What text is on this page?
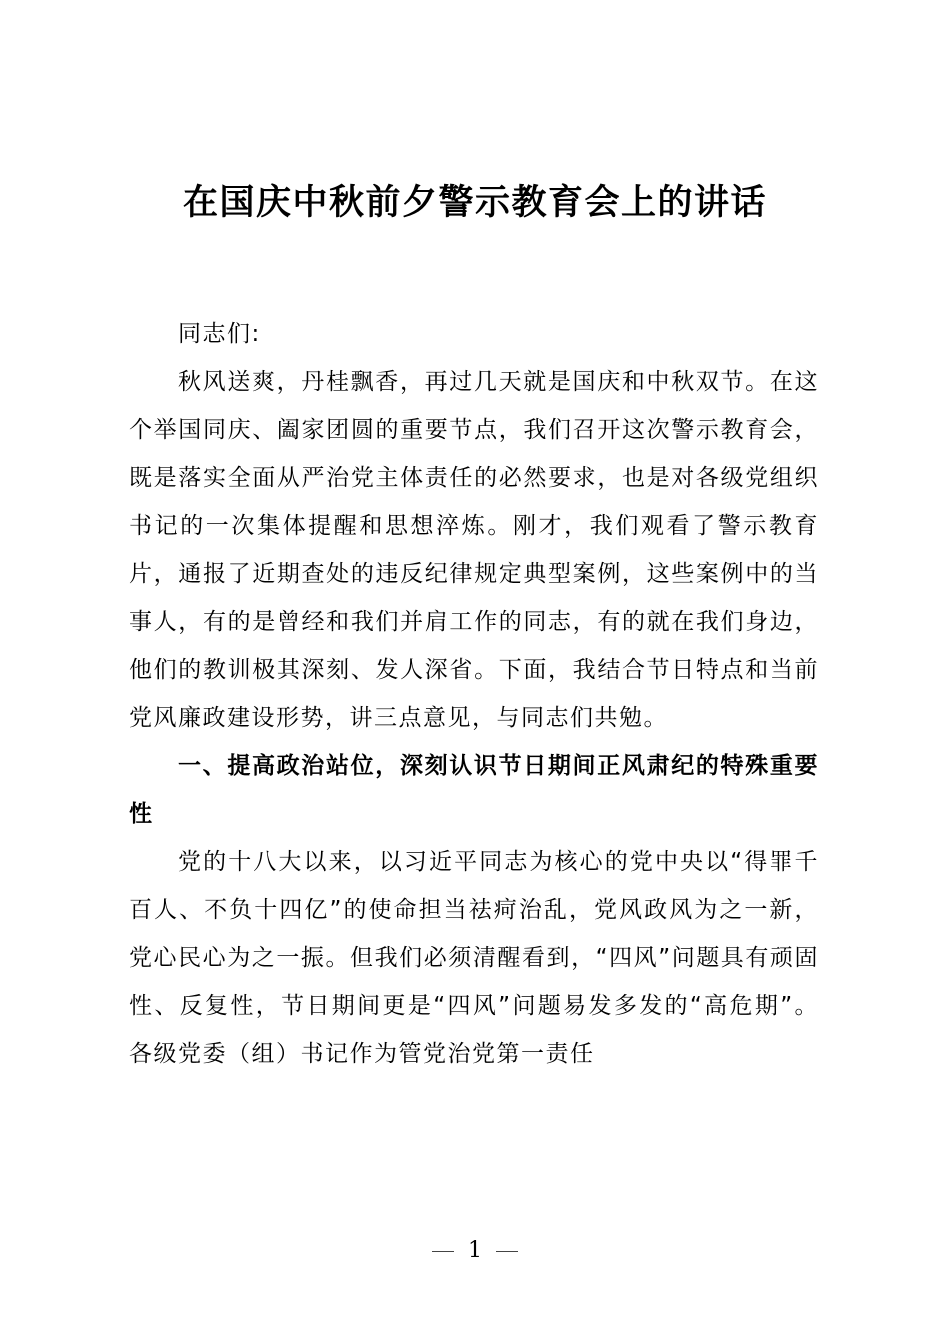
在国庆中秋前夕警示教育会上的讲话

同志们:

秋风送爽，丹桂飘香，再过几天就是国庆和中秋双节。在这个举国同庆、阖家团圆的重要节点，我们召开这次警示教育会，既是落实全面从严治党主体责任的必然要求，也是对各级党组织书记的一次集体提醒和思想淬炼。刚才，我们观看了警示教育片，通报了近期查处的违反纪律规定典型案例，这些案例中的当事人，有的是曾经和我们并肩工作的同志，有的就在我们身边，他们的教训极其深刻、发人深省。下面，我结合节日特点和当前党风廉政建设形势，讲三点意见，与同志们共勉。

一、提高政治站位，深刻认识节日期间正风肃纪的特殊重要性

党的十八大以来，以习近平同志为核心的党中央以“得罪千百人、不负十四亿”的使命担当祛疴治乱，党风政风为之一新，党心民心为之一振。但我们必须清醒看到，“四风”问题具有顽固性、反复性，节日期间更是“四风”问题易发多发的“高危期”。各级党委（组）书记作为管党治党第一责任

1
